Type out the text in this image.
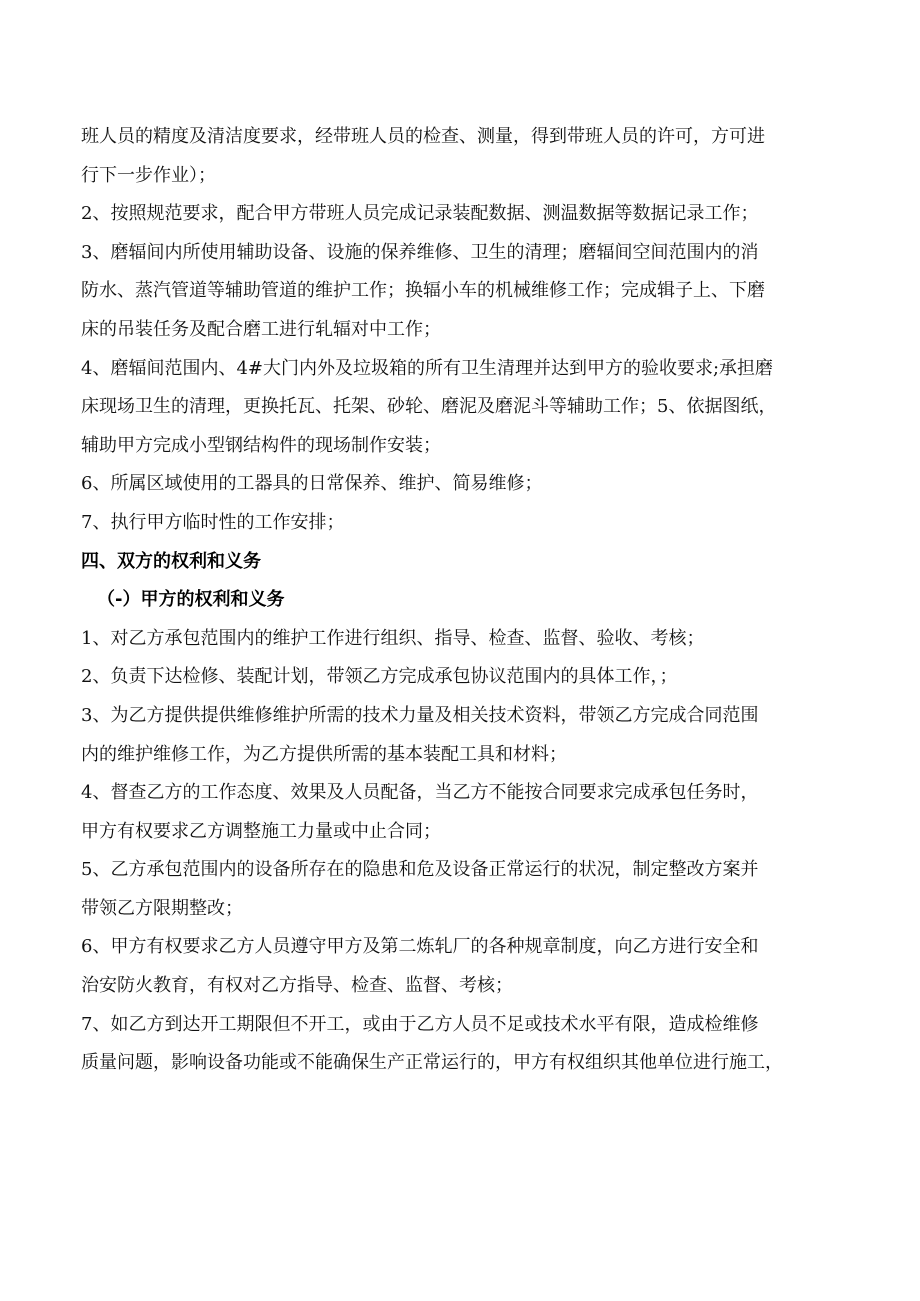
班人员的精度及清洁度要求，经带班人员的检查、测量，得到带班人员的许可，方可进
行下一步作业）；
2、按照规范要求，配合甲方带班人员完成记录装配数据、测温数据等数据记录工作；
3、磨辐间内所使用辅助设备、设施的保养维修、卫生的清理；磨辐间空间范围内的消
防水、蒸汽管道等辅助管道的维护工作；换辐小车的机械维修工作；完成辑子上、下磨
床的吊装任务及配合磨工进行轧辐对中工作；
4、磨辐间范围内、4#大门内外及垃圾箱的所有卫生清理并达到甲方的验收要求;承担磨
床现场卫生的清理，更换托瓦、托架、砂轮、磨泥及磨泥斗等辅助工作；5、依据图纸，
辅助甲方完成小型钢结构件的现场制作安装；
6、所属区域使用的工器具的日常保养、维护、简易维修；
7、执行甲方临时性的工作安排；
四、双方的权利和义务
（-）甲方的权利和义务
1、对乙方承包范围内的维护工作进行组织、指导、检查、监督、验收、考核；
2、负责下达检修、装配计划，带领乙方完成承包协议范围内的具体工作，；
3、为乙方提供提供维修维护所需的技术力量及相关技术资料，带领乙方完成合同范围
内的维护维修工作，为乙方提供所需的基本装配工具和材料；
4、督查乙方的工作态度、效果及人员配备，当乙方不能按合同要求完成承包任务时，
甲方有权要求乙方调整施工力量或中止合同；
5、乙方承包范围内的设备所存在的隐患和危及设备正常运行的状况，制定整改方案并
带领乙方限期整改；
6、甲方有权要求乙方人员遵守甲方及第二炼轧厂的各种规章制度，向乙方进行安全和
治安防火教育，有权对乙方指导、检查、监督、考核；
7、如乙方到达开工期限但不开工，或由于乙方人员不足或技术水平有限，造成检维修
质量问题，影响设备功能或不能确保生产正常运行的，甲方有权组织其他单位进行施工，
